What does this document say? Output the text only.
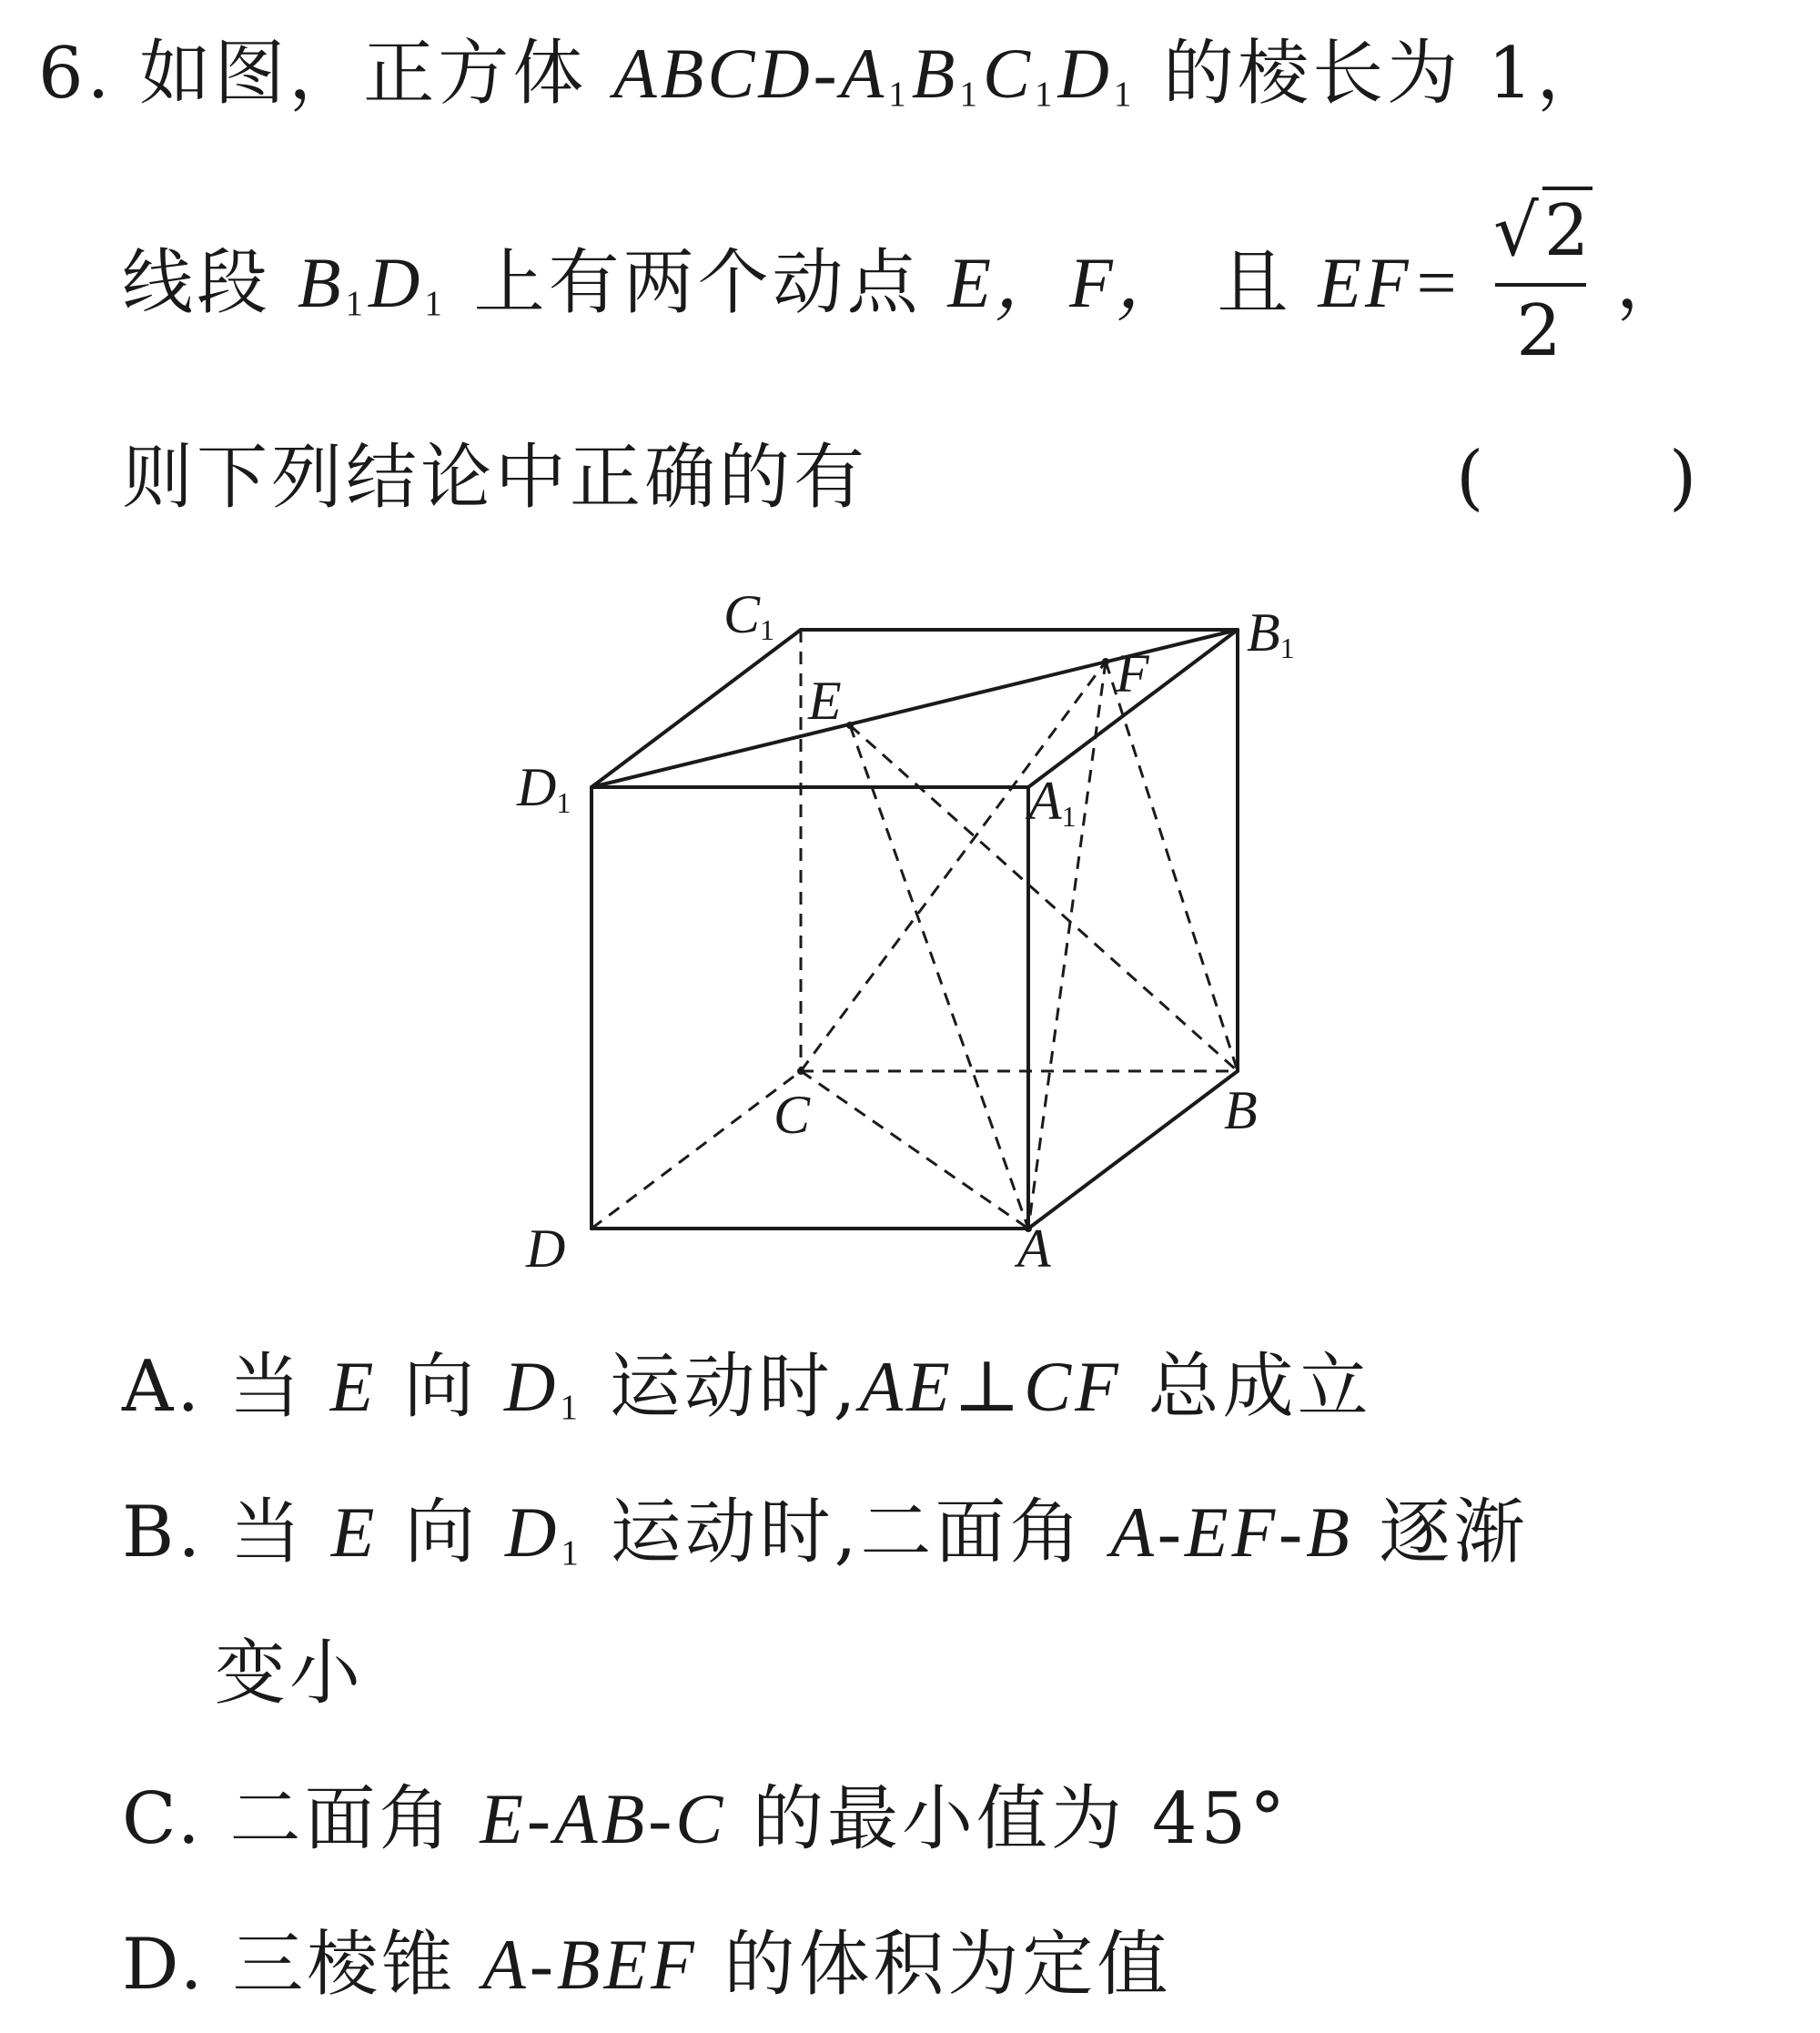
6. 如图，正方体 ABCD-$A_1B_1C_1D_1$ 的棱长为 1，
线段 $B_1D_1$ 上有两个动点 E，F， 且 $EF= \frac{√2}{2}$ ，
则下列结论中正确的有	(	)
C1	B1
D1	A1
E	F
C	B
D	A
A. 当 E 向 $D_1$ 运动时,AE⊥CF 总成立
B. 当 E 向 $D_1$ 运动时,二面角 A-EF-B 逐渐
变小
C. 二面角 E-AB-C 的最小值为 45°
D. 三棱锥 A-BEF 的体积为定值
